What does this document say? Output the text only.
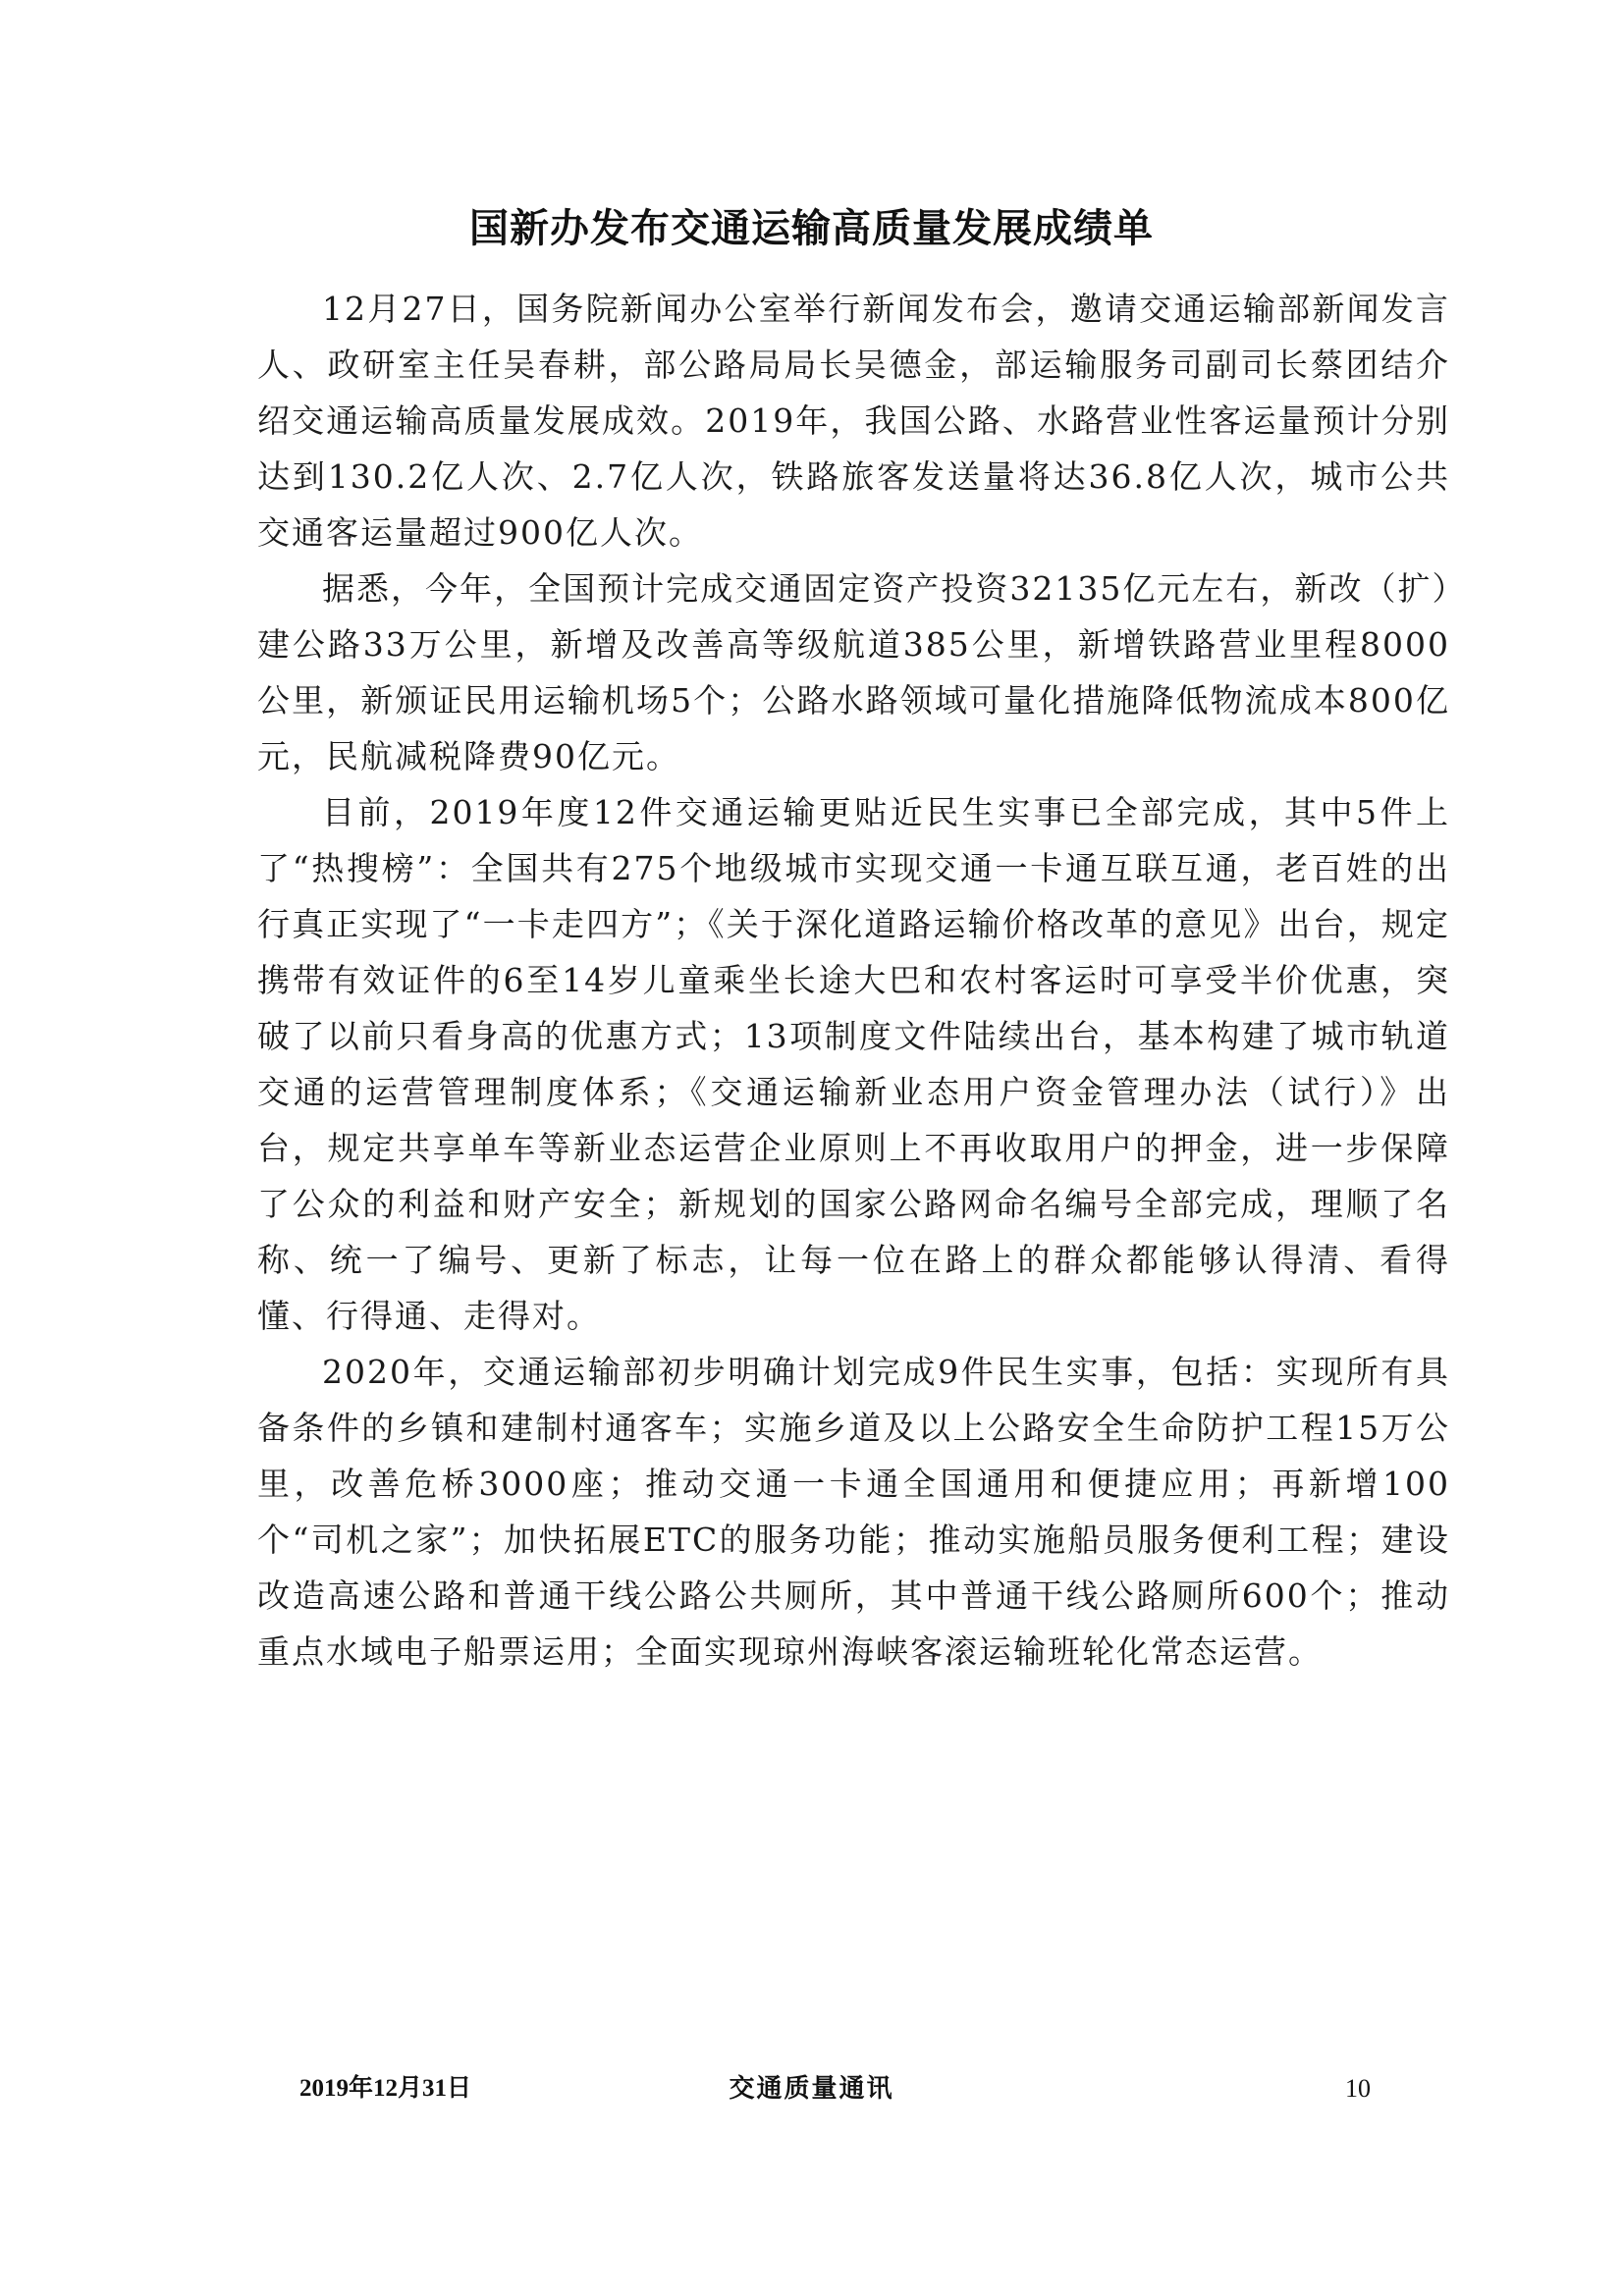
国新办发布交通运输高质量发展成绩单

12月27日，国务院新闻办公室举行新闻发布会，邀请交通运输部新闻发言人、政研室主任吴春耕，部公路局局长吴德金，部运输服务司副司长蔡团结介绍交通运输高质量发展成效。2019年，我国公路、水路营业性客运量预计分别达到130.2亿人次、2.7亿人次，铁路旅客发送量将达36.8亿人次，城市公共交通客运量超过900亿人次。

据悉，今年，全国预计完成交通固定资产投资32135亿元左右，新改（扩）建公路33万公里，新增及改善高等级航道385公里，新增铁路营业里程8000公里，新颁证民用运输机场5个；公路水路领域可量化措施降低物流成本800亿元，民航减税降费90亿元。

目前，2019年度12件交通运输更贴近民生实事已全部完成，其中5件上了“热搜榜”：全国共有275个地级城市实现交通一卡通互联互通，老百姓的出行真正实现了“一卡走四方”；《关于深化道路运输价格改革的意见》出台，规定携带有效证件的6至14岁儿童乘坐长途大巴和农村客运时可享受半价优惠，突破了以前只看身高的优惠方式；13项制度文件陆续出台，基本构建了城市轨道交通的运营管理制度体系；《交通运输新业态用户资金管理办法（试行）》出台，规定共享单车等新业态运营企业原则上不再收取用户的押金，进一步保障了公众的利益和财产安全；新规划的国家公路网命名编号全部完成，理顺了名称、统一了编号、更新了标志，让每一位在路上的群众都能够认得清、看得懂、行得通、走得对。

2020年，交通运输部初步明确计划完成9件民生实事，包括：实现所有具备条件的乡镇和建制村通客车；实施乡道及以上公路安全生命防护工程15万公里，改善危桥3000座；推动交通一卡通全国通用和便捷应用；再新增100个“司机之家”；加快拓展ETC的服务功能；推动实施船员服务便利工程；建设改造高速公路和普通干线公路公共厕所，其中普通干线公路厕所600个；推动重点水域电子船票运用；全面实现琼州海峡客滚运输班轮化常态运营。

2019年12月31日	交通质量通讯	10
